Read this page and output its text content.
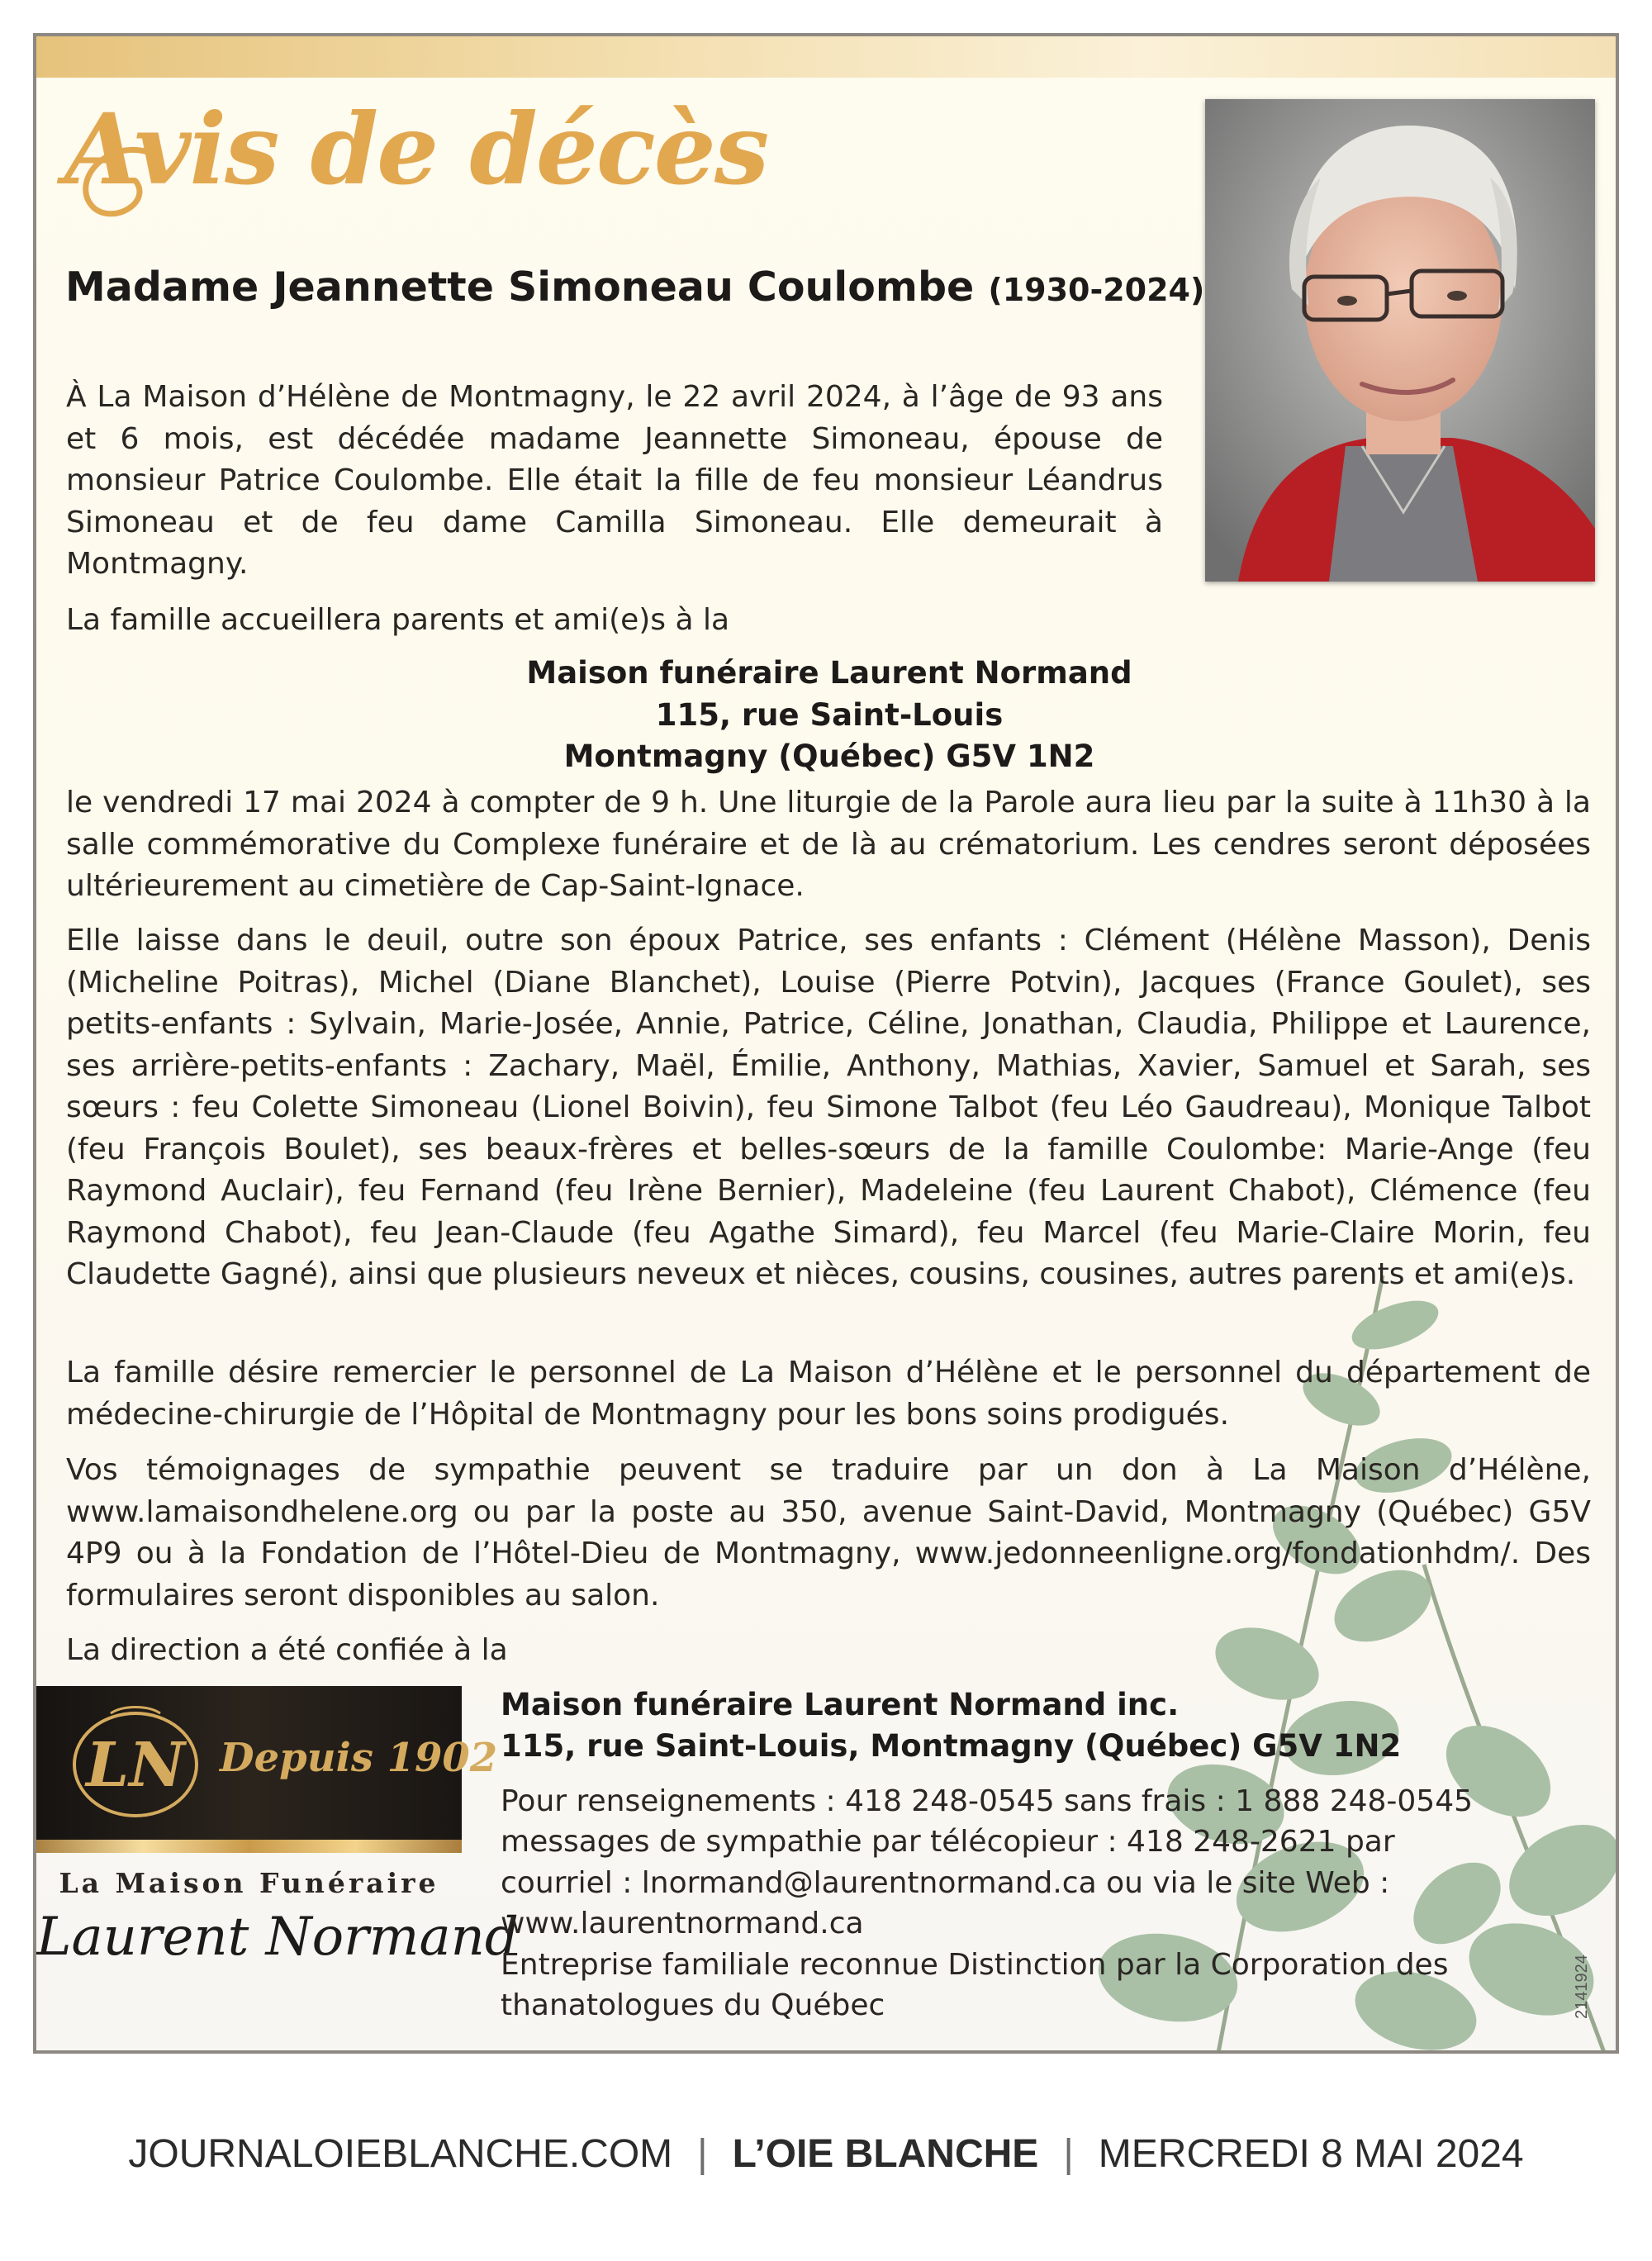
Avis de décès
Madame Jeannette Simoneau Coulombe (1930-2024)

À La Maison d’Hélène de Montmagny, le 22 avril 2024, à l’âge de 93 ans et 6 mois, est décédée madame Jeannette Simoneau, épouse de monsieur Patrice Coulombe. Elle était la fille de feu monsieur Léandrus Simoneau et de feu dame Camilla Simoneau. Elle demeurait à Montmagny.

La famille accueillera parents et ami(e)s à la

Maison funéraire Laurent Normand
115, rue Saint-Louis
Montmagny (Québec) G5V 1N2

le vendredi 17 mai 2024 à compter de 9 h. Une liturgie de la Parole aura lieu par la suite à 11h30 à la salle commémorative du Complexe funéraire et de là au crématorium. Les cendres seront déposées ultérieurement au cimetière de Cap-Saint-Ignace.

Elle laisse dans le deuil, outre son époux Patrice, ses enfants : Clément (Hélène Masson), Denis (Micheline Poitras), Michel (Diane Blanchet), Louise (Pierre Potvin), Jacques (France Goulet), ses petits-enfants : Sylvain, Marie-Josée, Annie, Patrice, Céline, Jonathan, Claudia, Philippe et Laurence, ses arrière-petits-enfants : Zachary, Maël, Émilie, Anthony, Mathias, Xavier, Samuel et Sarah, ses sœurs : feu Colette Simoneau (Lionel Boivin), feu Simone Talbot (feu Léo Gaudreau), Monique Talbot (feu François Boulet), ses beaux-frères et belles-sœurs de la famille Coulombe: Marie-Ange (feu Raymond Auclair), feu Fernand (feu Irène Bernier), Madeleine (feu Laurent Chabot), Clémence (feu Raymond Chabot), feu Jean-Claude (feu Agathe Simard), feu Marcel (feu Marie-Claire Morin, feu Claudette Gagné), ainsi que plusieurs neveux et nièces, cousins, cousines, autres parents et ami(e)s.

La famille désire remercier le personnel de La Maison d’Hélène et le personnel du département de médecine-chirurgie de l’Hôpital de Montmagny pour les bons soins prodigués.

Vos témoignages de sympathie peuvent se traduire par un don à La Maison d’Hélène, www.lamaisondhelene.org ou par la poste au 350, avenue Saint-David, Montmagny (Québec) G5V 4P9 ou à la Fondation de l’Hôtel-Dieu de Montmagny, www.jedonneenligne.org/fondationhdm/. Des formulaires seront disponibles au salon.

La direction a été confiée à la

LN Depuis 1902

La Maison Funéraire

Laurent Normand

Maison funéraire Laurent Normand inc.

115, rue Saint-Louis, Montmagny (Québec) G5V 1N2

Pour renseignements : 418 248-0545 sans frais : 1 888 248-0545

messages de sympathie par télécopieur : 418 248-2621 par

courriel : lnormand@laurentnormand.ca ou via le site Web :

www.laurentnormand.ca

Entreprise familiale reconnue Distinction par la Corporation des

thanatologues du Québec	2141924

JOURNALOIEBLANCHE.COM | L’OIE BLANCHE | MERCREDI 8 MAI 2024
